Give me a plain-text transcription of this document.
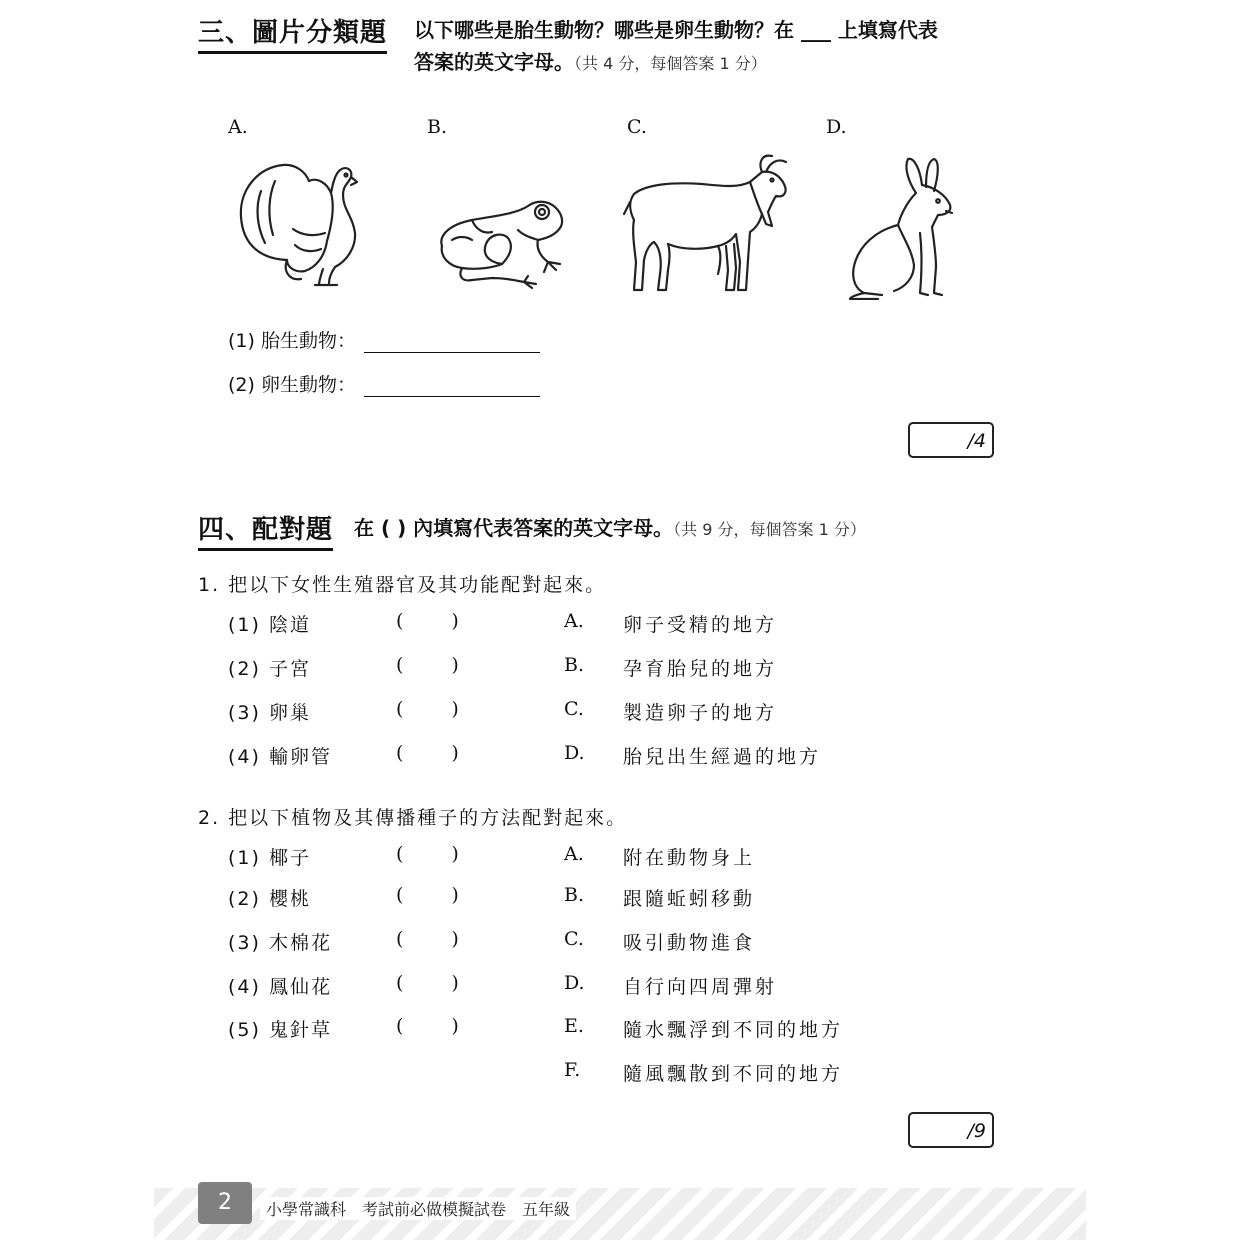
三、圖片分類題 以下哪些是胎生動物？哪些是卵生動物？在 ___ 上填寫代表
答案的英文字母。（共 4 分，每個答案 1 分）
A.	B.	C.	D.
(1) 胎生動物：
(2) 卵生動物：
/4
四、配對題 在 ( ) 內填寫代表答案的英文字母。（共 9 分，每個答案 1 分）
1. 把以下女性生殖器官及其功能配對起來。
(1) 陰道	(	)	A. 卵子受精的地方
(2) 子宮	(	)	B. 孕育胎兒的地方
(3) 卵巢	(	)	C. 製造卵子的地方
(4) 輸卵管	(	)	D. 胎兒出生經過的地方
2. 把以下植物及其傳播種子的方法配對起來。
(1) 椰子	(	)	A. 附在動物身上
(2) 櫻桃	(	)	B. 跟隨蚯蚓移動
(3) 木棉花	(	)	C. 吸引動物進食
(4) 鳳仙花	(	)	D. 自行向四周彈射
(5) 鬼針草	(	)	E. 隨水飄浮到不同的地方
F. 隨風飄散到不同的地方
/9
2	小學常識科　考試前必做模擬試卷　五年級
